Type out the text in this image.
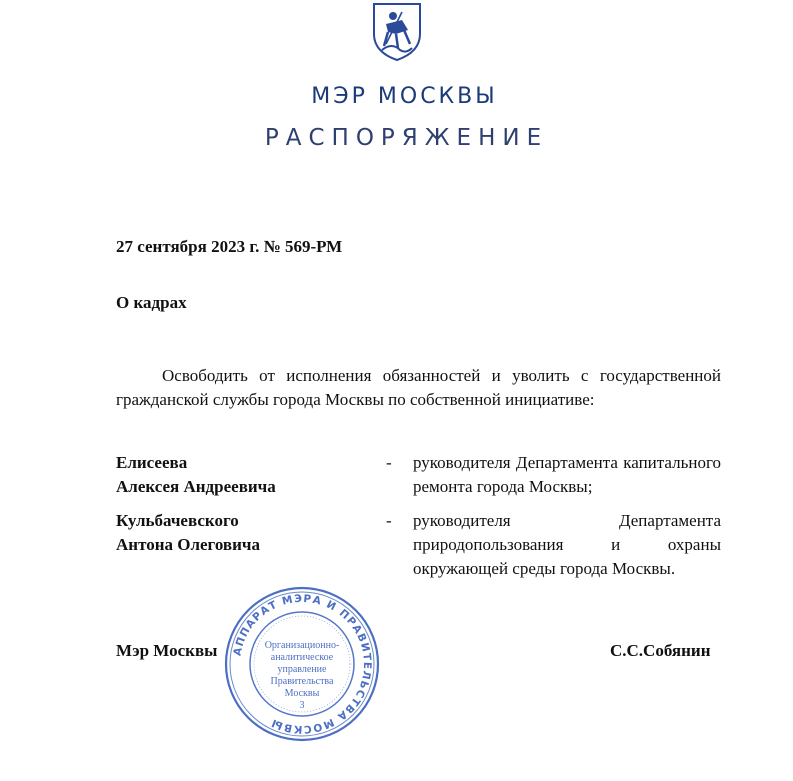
МЭР МОСКВЫ
РАСПОРЯЖЕНИЕ
27 сентября 2023 г. № 569-РМ
О кадрах
Освободить от исполнения обязанностей и уволить с государственной гражданской службы города Москвы по собственной инициативе:
Елисеева
Алексея Андреевича
- руководителя Департамента капитального ремонта города Москвы;
Кульбачевского
Антона Олеговича
- руководителя Департамента природопользования и охраны окружающей среды города Москвы.
АППАРАТ МЭРА И ПРАВИТЕЛЬСТВА МОСКВЫ
Организационно-аналитическое управление Правительства Москвы
3
Мэр Москвы	С.С.Собянин
